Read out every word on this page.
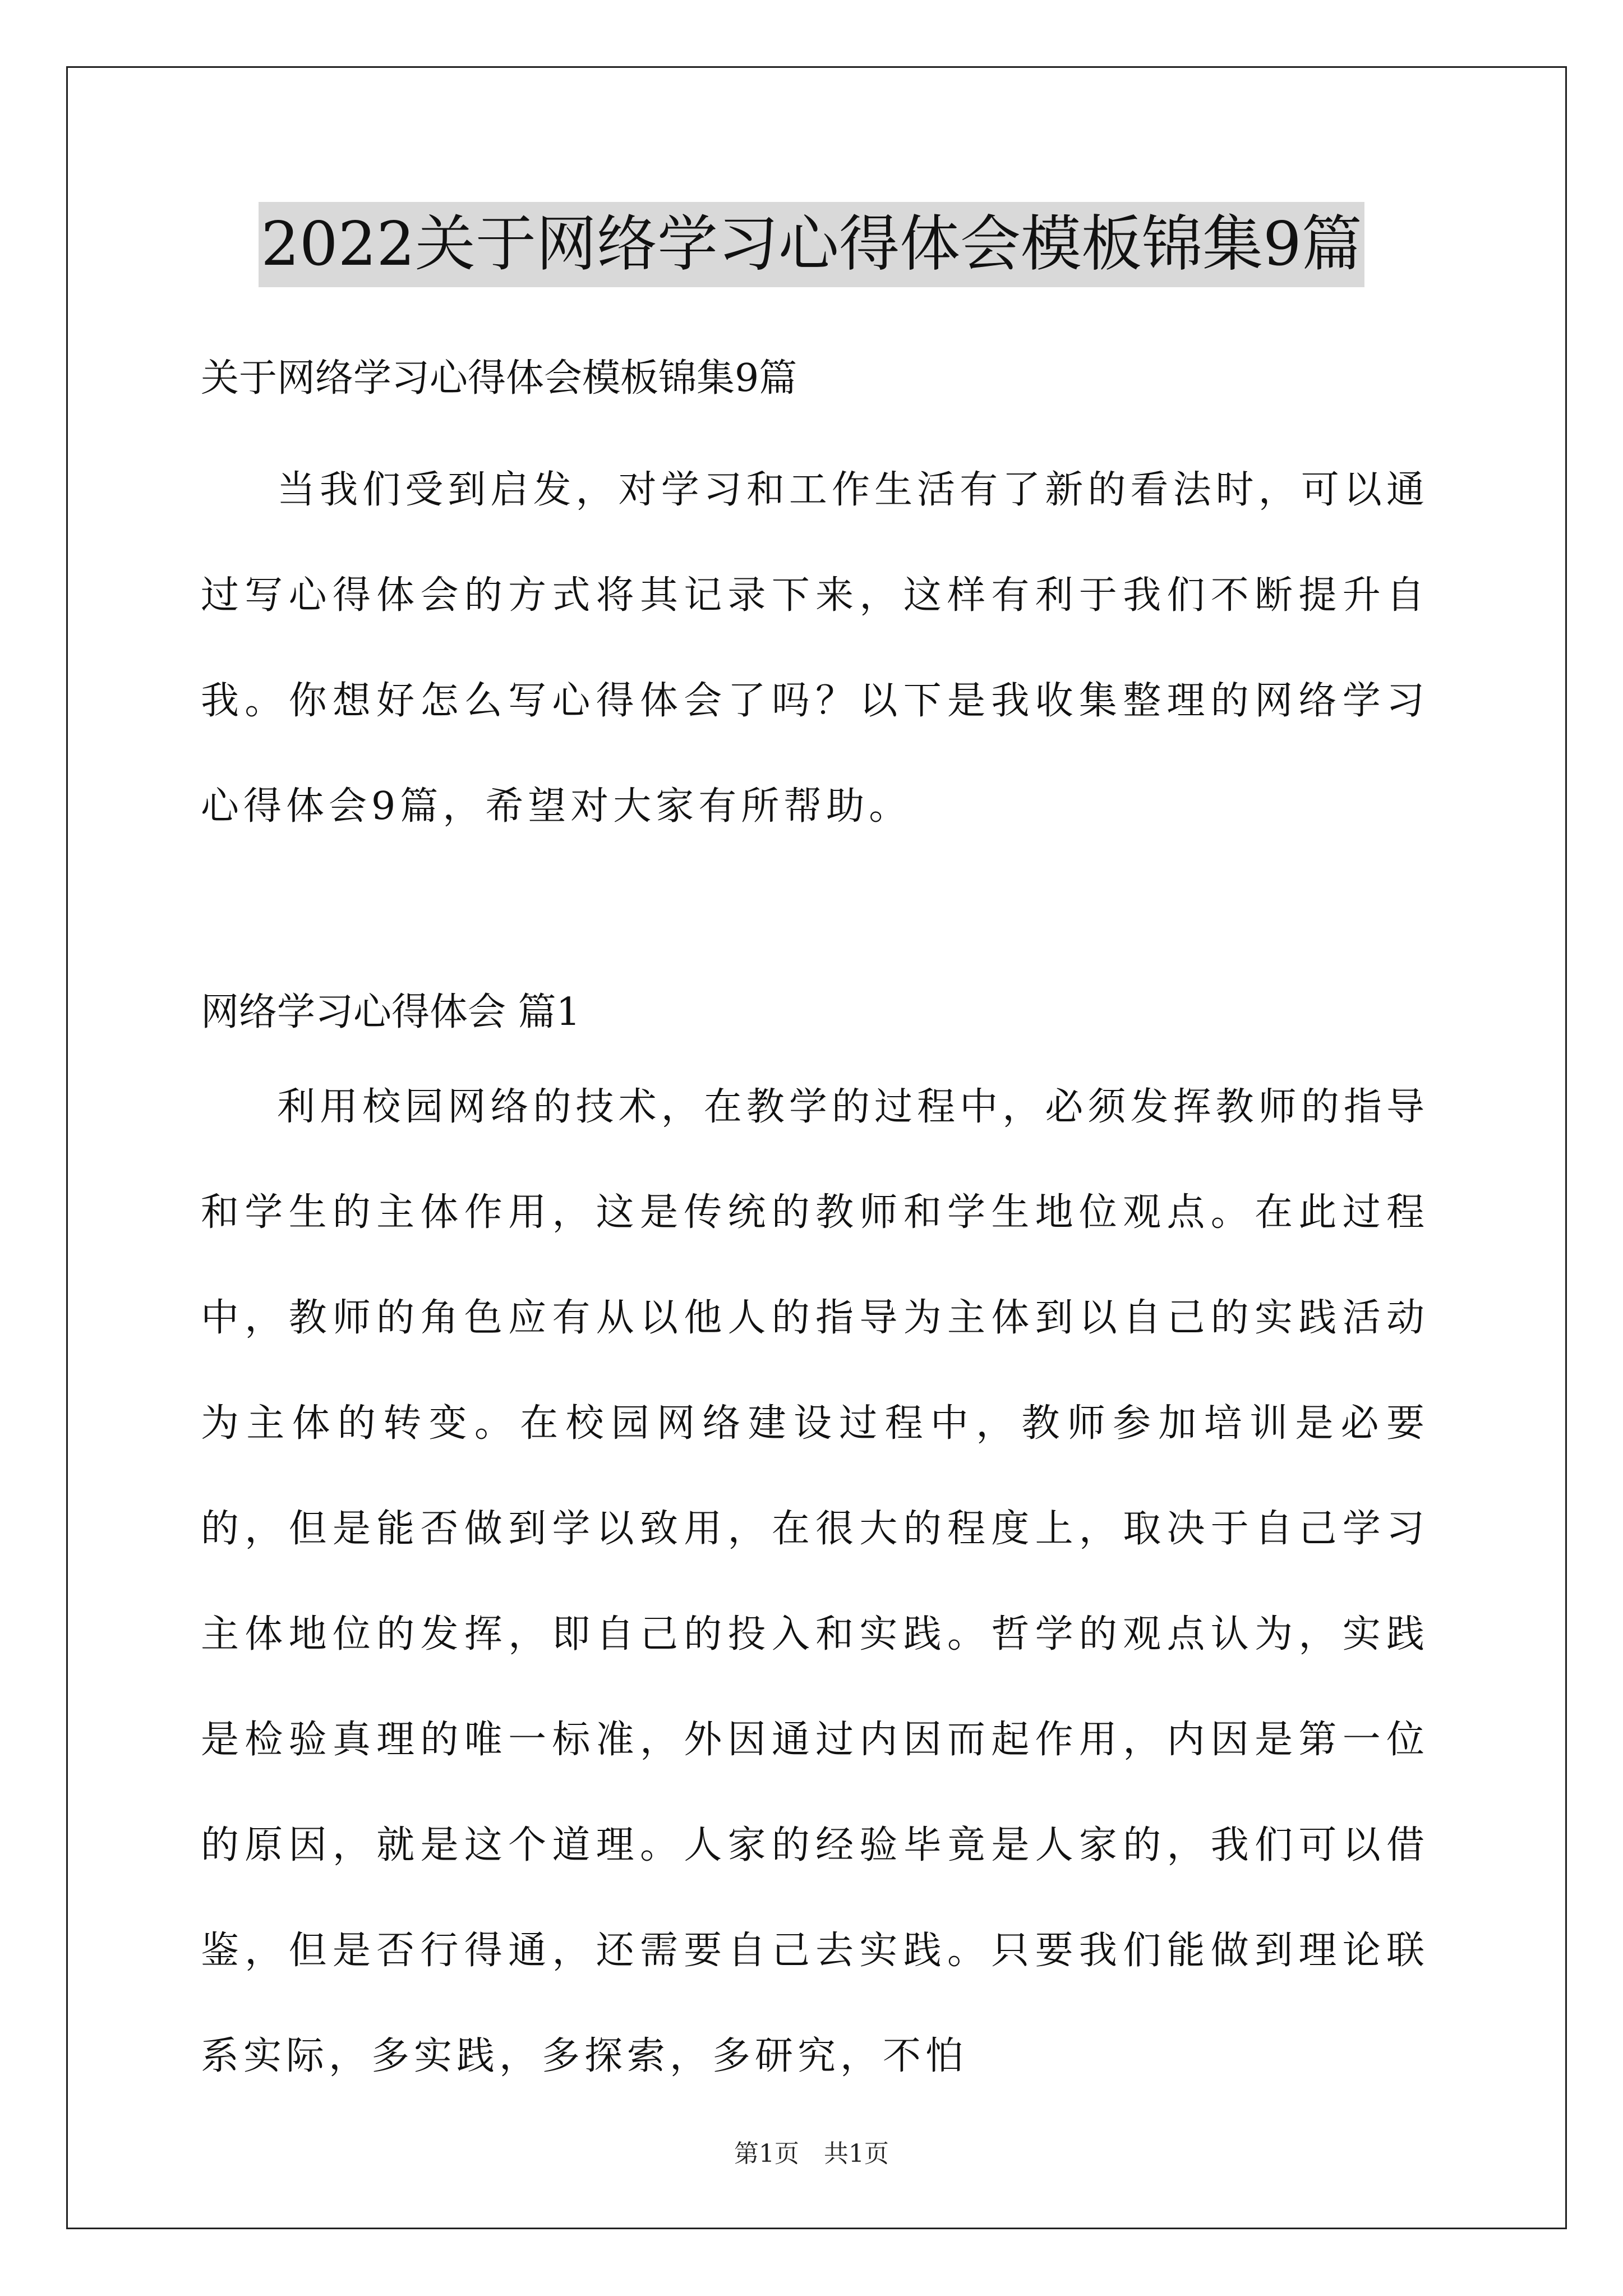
2022关于网络学习心得体会模板锦集9篇
关于网络学习心得体会模板锦集9篇

当我们受到启发，对学习和工作生活有了新的看法时，可以通过写心得体会的方式将其记录下来，这样有利于我们不断提升自我。你想好怎么写心得体会了吗？以下是我收集整理的网络学习心得体会9篇，希望对大家有所帮助。

网络学习心得体会 篇1

利用校园网络的技术，在教学的过程中，必须发挥教师的指导和学生的主体作用，这是传统的教师和学生地位观点。在此过程中，教师的角色应有从以他人的指导为主体到以自己的实践活动为主体的转变。在校园网络建设过程中，教师参加培训是必要的，但是能否做到学以致用，在很大的程度上，取决于自己学习主体地位的发挥，即自己的投入和实践。哲学的观点认为，实践是检验真理的唯一标准，外因通过内因而起作用，内因是第一位的原因，就是这个道理。人家的经验毕竟是人家的，我们可以借鉴，但是否行得通，还需要自己去实践。只要我们能做到理论联系实际，多实践，多探索，多研究，不怕

第1页　共1页
